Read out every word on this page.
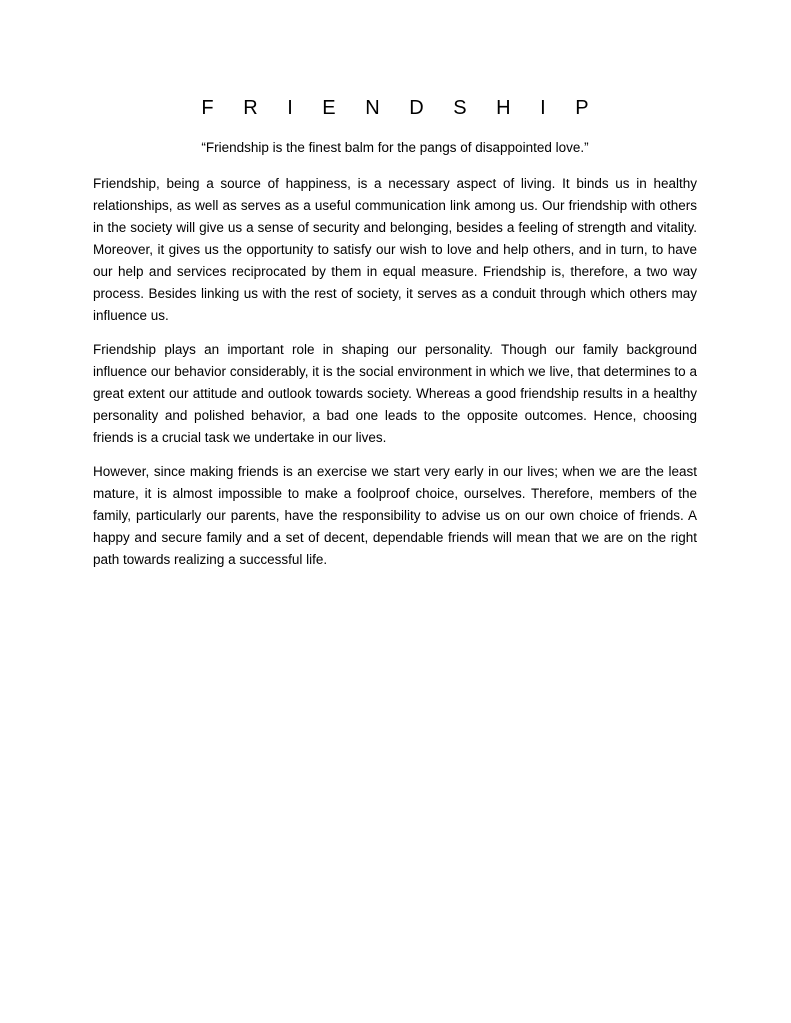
F R I E N D S H I P
“Friendship is the finest balm for the pangs of disappointed love.”

Friendship, being a source of happiness, is a necessary aspect of living. It binds us in healthy relationships, as well as serves as a useful communication link among us. Our friendship with others in the society will give us a sense of security and belonging, besides a feeling of strength and vitality. Moreover, it gives us the opportunity to satisfy our wish to love and help others, and in turn, to have our help and services reciprocated by them in equal measure. Friendship is, therefore, a two way process. Besides linking us with the rest of society, it serves as a conduit through which others may influence us.

Friendship plays an important role in shaping our personality. Though our family background influence our behavior considerably, it is the social environment in which we live, that determines to a great extent our attitude and outlook towards society. Whereas a good friendship results in a healthy personality and polished behavior, a bad one leads to the opposite outcomes. Hence, choosing friends is a crucial task we undertake in our lives.

However, since making friends is an exercise we start very early in our lives; when we are the least mature, it is almost impossible to make a foolproof choice, ourselves. Therefore, members of the family, particularly our parents, have the responsibility to advise us on our own choice of friends. A happy and secure family and a set of decent, dependable friends will mean that we are on the right path towards realizing a successful life.
